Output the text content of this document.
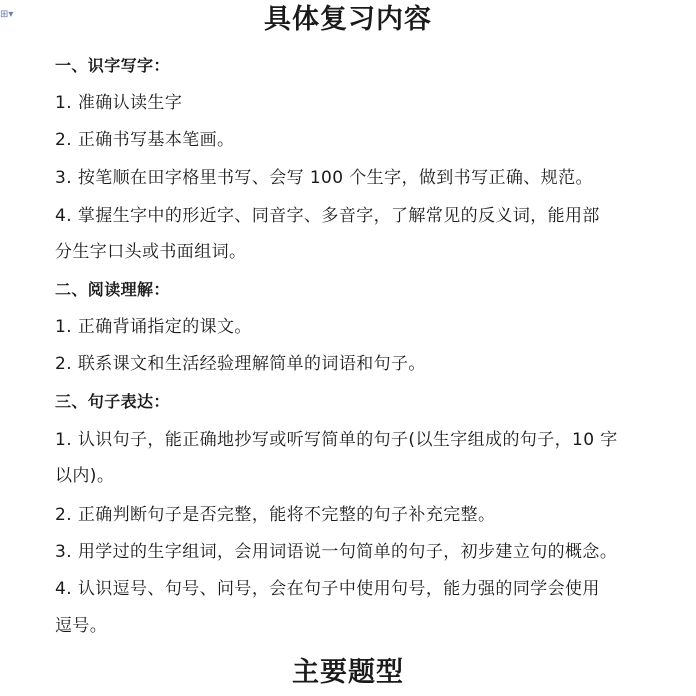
⊞▾	具体复习内容
一、识字写字：
1. 准确认读生字
2. 正确书写基本笔画。
3. 按笔顺在田字格里书写、会写 100 个生字，做到书写正确、规范。
4. 掌握生字中的形近字、同音字、多音字，了解常见的反义词，能用部
分生字口头或书面组词。
二、阅读理解：
1. 正确背诵指定的课文。
2. 联系课文和生活经验理解简单的词语和句子。
三、句子表达：
1. 认识句子，能正确地抄写或听写简单的句子(以生字组成的句子，10 字
以内)。
2. 正确判断句子是否完整，能将不完整的句子补充完整。
3. 用学过的生字组词，会用词语说一句简单的句子，初步建立句的概念。
4. 认识逗号、句号、问号，会在句子中使用句号，能力强的同学会使用
逗号。
主要题型
